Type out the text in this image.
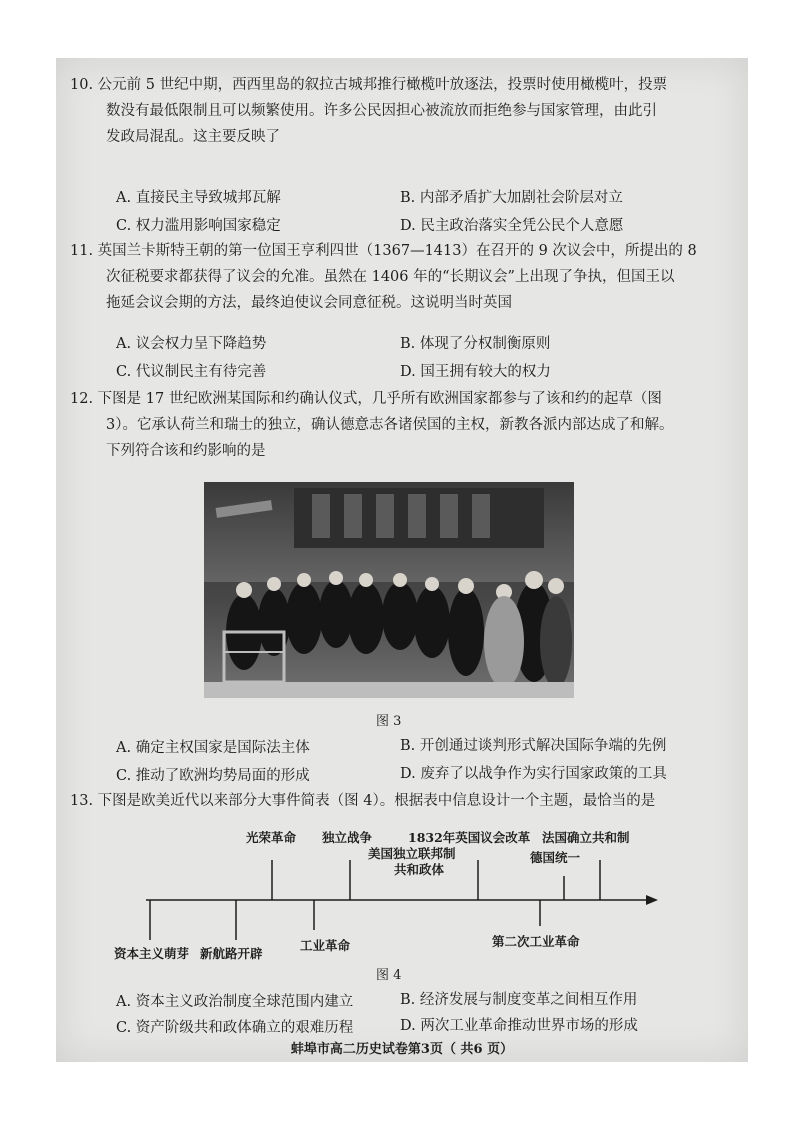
10. 公元前 5 世纪中期，西西里岛的叙拉古城邦推行橄榄叶放逐法，投票时使用橄榄叶，投票
数没有最低限制且可以频繁使用。许多公民因担心被流放而拒绝参与国家管理，由此引
发政局混乱。这主要反映了
A. 直接民主导致城邦瓦解	B. 内部矛盾扩大加剧社会阶层对立
C. 权力滥用影响国家稳定	D. 民主政治落实全凭公民个人意愿
11. 英国兰卡斯特王朝的第一位国王亨利四世（1367—1413）在召开的 9 次议会中，所提出的 8
次征税要求都获得了议会的允准。虽然在 1406 年的“长期议会”上出现了争执，但国王以
拖延会议会期的方法，最终迫使议会同意征税。这说明当时英国
A. 议会权力呈下降趋势	B. 体现了分权制衡原则
C. 代议制民主有待完善	D. 国王拥有较大的权力
12. 下图是 17 世纪欧洲某国际和约确认仪式，几乎所有欧洲国家都参与了该和约的起草（图
3）。它承认荷兰和瑞士的独立，确认德意志各诸侯国的主权，新教各派内部达成了和解。
下列符合该和约影响的是
图 3
A. 确定主权国家是国际法主体	B. 开创通过谈判形式解决国际争端的先例
C. 推动了欧洲均势局面的形成	D. 废弃了以战争作为实行国家政策的工具
13. 下图是欧美近代以来部分大事件简表（图 4）。根据表中信息设计一个主题，最恰当的是
光荣革命 独立战争	1832年英国议会改革 法国确立共和制
美国独立联邦制
共和政体
德国统一
资本主义萌芽 新航路开辟
工业革命	第二次工业革命
图 4
A. 资本主义政治制度全球范围内建立	B. 经济发展与制度变革之间相互作用
C. 资产阶级共和政体确立的艰难历程	D. 两次工业革命推动世界市场的形成
蚌埠市高二历史试卷第3页（ 共6 页）
